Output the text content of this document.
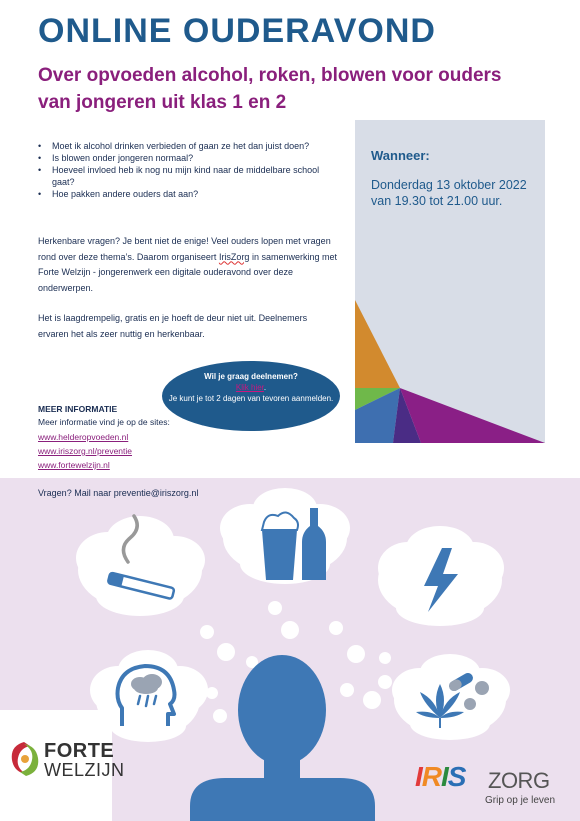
ONLINE OUDERAVOND
Over opvoeden alcohol, roken, blowen voor ouders van jongeren uit klas 1 en 2
• Moet ik alcohol drinken verbieden of gaan ze het dan juist doen?
• Is blowen onder jongeren normaal?
• Hoeveel invloed heb ik nog nu mijn kind naar de middelbare school gaat?
• Hoe pakken andere ouders dat aan?
Herkenbare vragen? Je bent niet de enige! Veel ouders lopen met vragen rond over deze thema’s. Daarom organiseert IrisZorg in samenwerking met Forte Welzijn - jongerenwerk een digitale ouderavond over deze onderwerpen.
Het is laagdrempelig, gratis en je hoeft de deur niet uit. Deelnemers ervaren het als zeer nuttig en herkenbaar.
Wanneer:
Donderdag 13 oktober 2022 van 19.30 tot 21.00 uur.
Wil je graag deelnemen?
Klik hier.
Je kunt je tot 2 dagen van tevoren aanmelden.
MEER INFORMATIE
Meer informatie vind je op de sites:
www.helderopvoeden.nl
www.iriszorg.nl/preventie
www.fortewelzijn.nl
Vragen? Mail naar preventie@iriszorg.nl
FORTE
WELZIJN	IRIS ZORG
Grip op je leven
